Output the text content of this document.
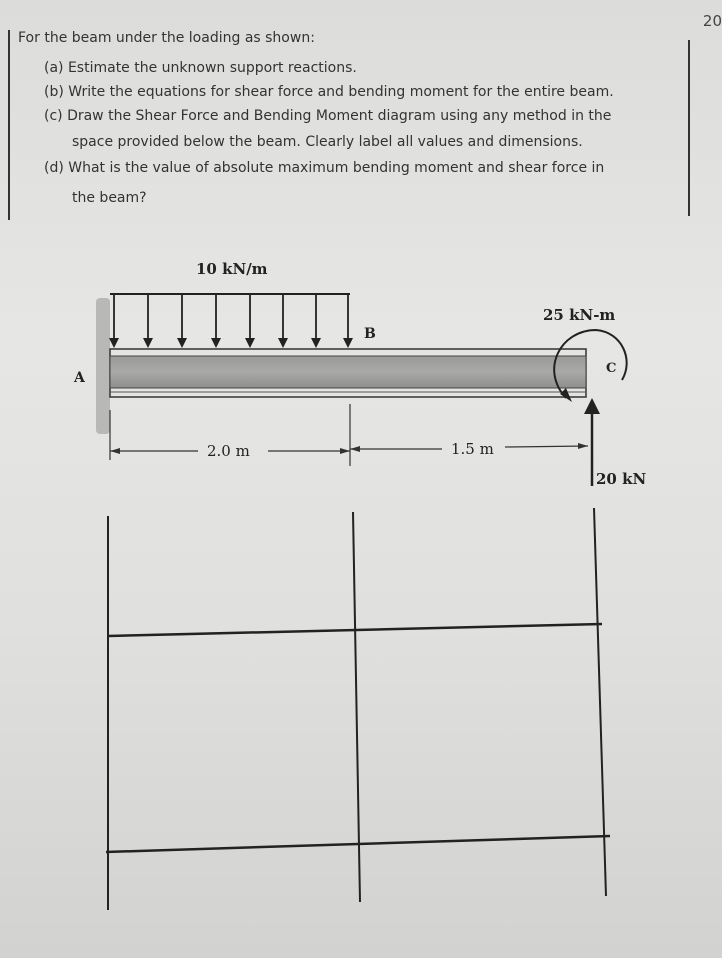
20
For the beam under the loading as shown:
(a) Estimate the unknown support reactions.
(b) Write the equations for shear force and bending moment for the entire beam.
(c) Draw the Shear Force and Bending Moment diagram using any method in the
space provided below the beam. Clearly label all values and dimensions.
(d) What is the value of absolute maximum bending moment and shear force in
the beam?
10 kN/m
A
B
C
25 kN-m
20 kN
2.0 m	1.5 m
